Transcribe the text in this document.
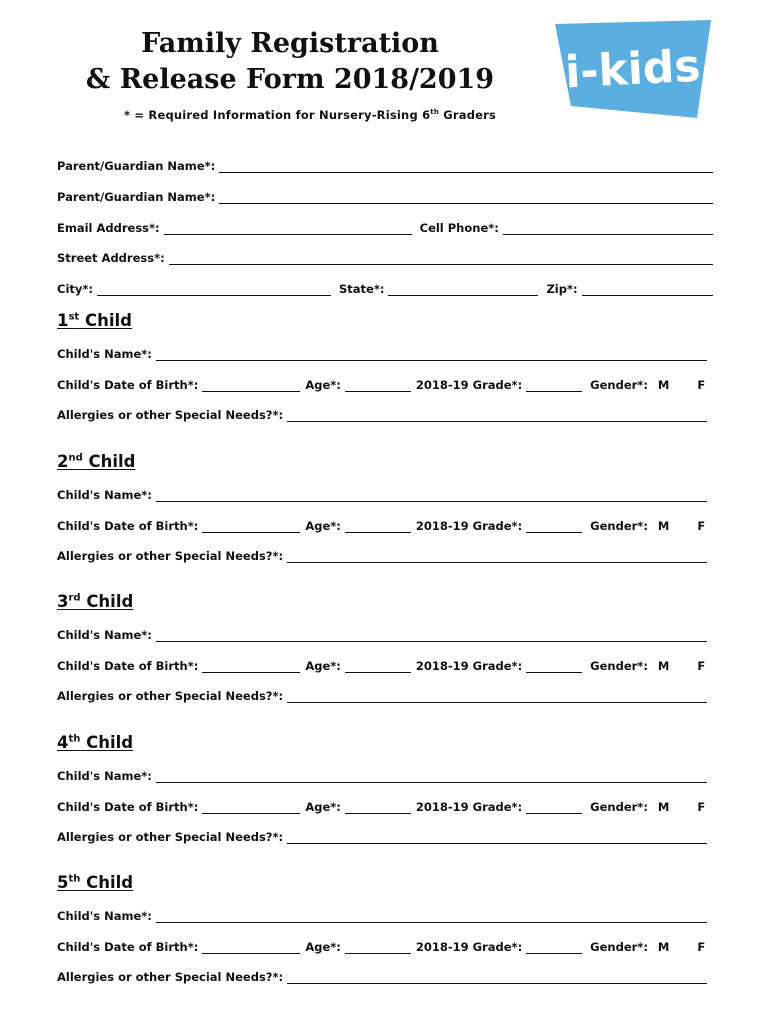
Family Registration
& Release Form 2018/2019
* = Required Information for Nursery-Rising 6th Graders
i-kids
Parent/Guardian Name*:
Parent/Guardian Name*:
Email Address*:	Cell Phone*:
Street Address*:
City*:	State*:	Zip*:
1st Child
Child's Name*:
Child's Date of Birth*:	Age*:	2018-19 Grade*:	Gender*: M F
Allergies or other Special Needs?*:
2nd Child
Child's Name*:
Child's Date of Birth*:	Age*:	2018-19 Grade*:	Gender*: M F
Allergies or other Special Needs?*:
3rd Child
Child's Name*:
Child's Date of Birth*:	Age*:	2018-19 Grade*:	Gender*: M F
Allergies or other Special Needs?*:
4th Child
Child's Name*:
Child's Date of Birth*:	Age*:	2018-19 Grade*:	Gender*: M F
Allergies or other Special Needs?*:
5th Child
Child's Name*:
Child's Date of Birth*:	Age*:	2018-19 Grade*:	Gender*: M F
Allergies or other Special Needs?*:
